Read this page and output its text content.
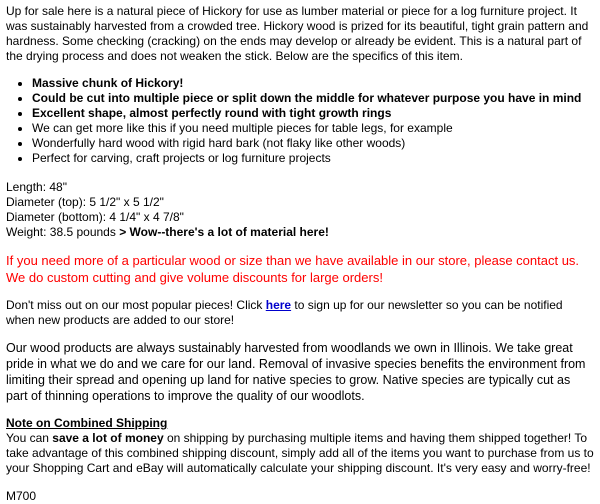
Up for sale here is a natural piece of Hickory for use as lumber material or piece for a log furniture project. It was sustainably harvested from a crowded tree. Hickory wood is prized for its beautiful, tight grain pattern and hardness. Some checking (cracking) on the ends may develop or already be evident. This is a natural part of the drying process and does not weaken the stick. Below are the specifics of this item.

• Massive chunk of Hickory!
• Could be cut into multiple piece or split down the middle for whatever purpose you have in mind
• Excellent shape, almost perfectly round with tight growth rings
• We can get more like this if you need multiple pieces for table legs, for example
• Wonderfully hard wood with rigid hard bark (not flaky like other woods)
• Perfect for carving, craft projects or log furniture projects
Length: 48"
Diameter (top): 5 1/2" x 5 1/2"
Diameter (bottom): 4 1/4" x 4 7/8"
Weight: 38.5 pounds > Wow--there's a lot of material here!

If you need more of a particular wood or size than we have available in our store, please contact us. We do custom cutting and give volume discounts for large orders!

Don't miss out on our most popular pieces! Click here to sign up for our newsletter so you can be notified when new products are added to our store!

Our wood products are always sustainably harvested from woodlands we own in Illinois. We take great pride in what we do and we care for our land. Removal of invasive species benefits the environment from limiting their spread and opening up land for native species to grow. Native species are typically cut as part of thinning operations to improve the quality of our woodlots.

Note on Combined Shipping
You can save a lot of money on shipping by purchasing multiple items and having them shipped together! To take advantage of this combined shipping discount, simply add all of the items you want to purchase from us to your Shopping Cart and eBay will automatically calculate your shipping discount. It's very easy and worry-free!
M700
